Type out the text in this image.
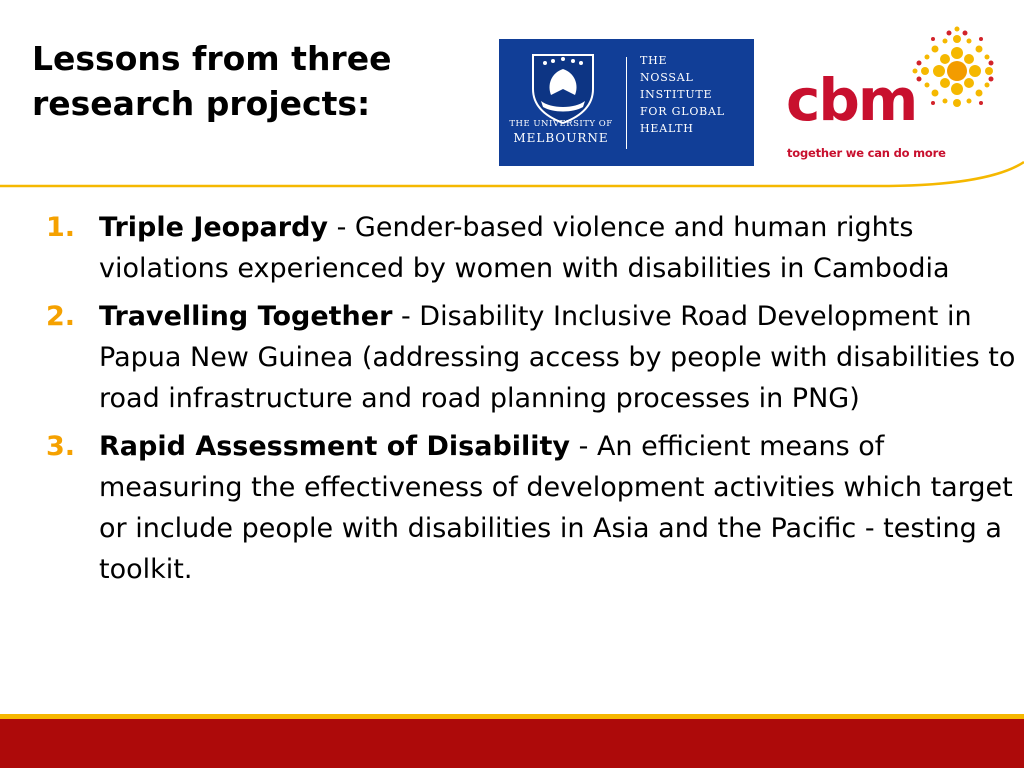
Lessons from three
research projects:
THE UNIVERSITY OF
MELBOURNE
THE
NOSSAL
INSTITUTE
FOR GLOBAL
HEALTH	cbm
together we can do more
1. Triple Jeopardy - Gender-based violence and human rights violations experienced by women with disabilities in Cambodia
2. Travelling Together - Disability Inclusive Road Development in Papua New Guinea (addressing access by people with disabilities to road infrastructure and road planning processes in PNG)
3. Rapid Assessment of Disability - An efficient means of measuring the effectiveness of development activities which target or include people with disabilities in Asia and the Pacific - testing a toolkit.
